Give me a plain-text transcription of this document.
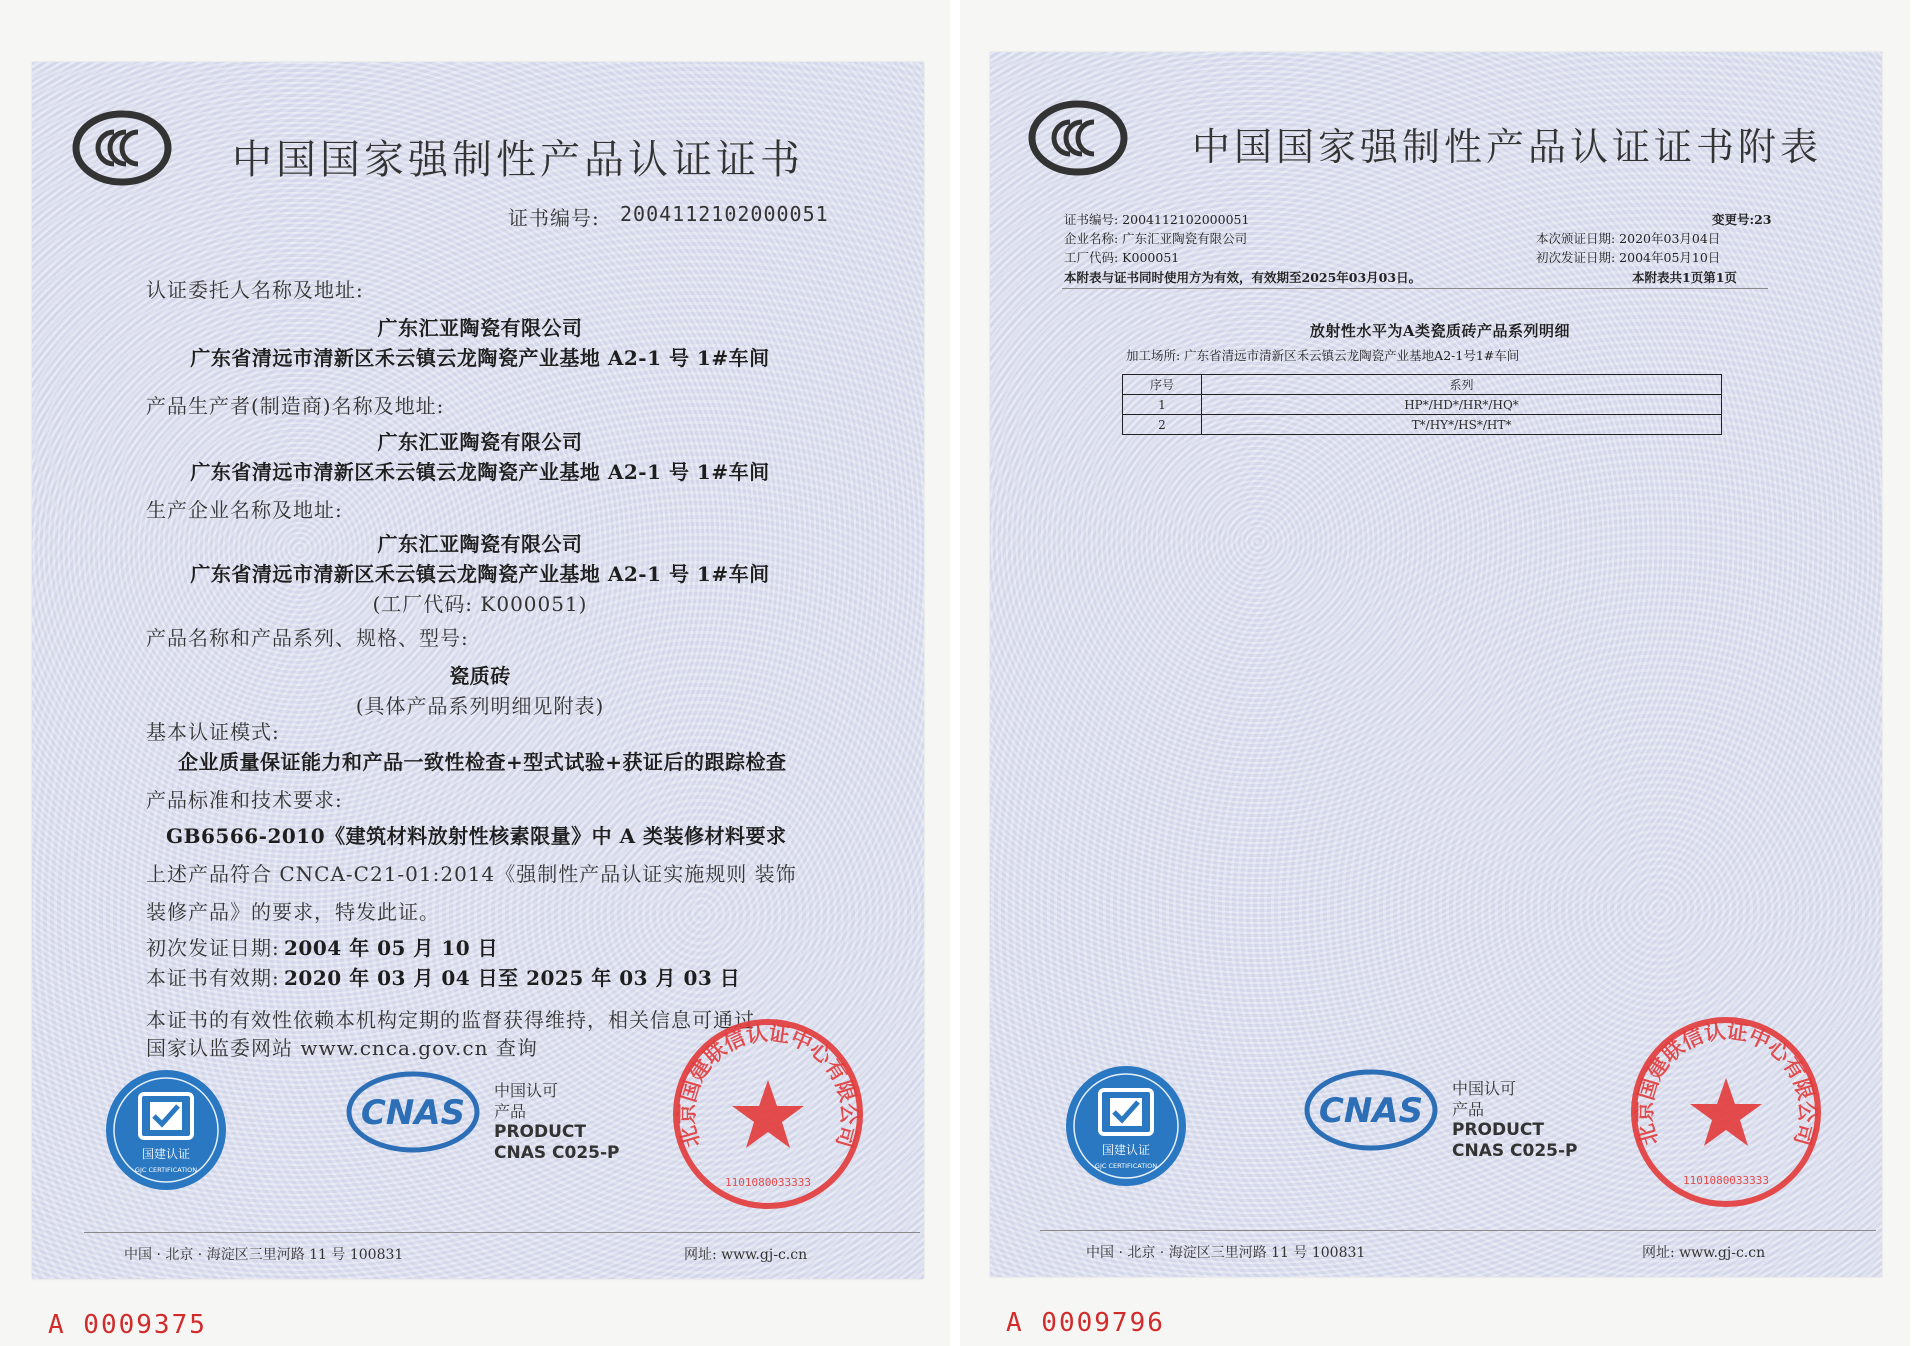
中国国家强制性产品认证证书
证书编号: 2004112102000051
认证委托人名称及地址:
广东汇亚陶瓷有限公司
广东省清远市清新区禾云镇云龙陶瓷产业基地 A2-1 号 1#车间
产品生产者(制造商)名称及地址:
广东汇亚陶瓷有限公司
广东省清远市清新区禾云镇云龙陶瓷产业基地 A2-1 号 1#车间
生产企业名称及地址:
广东汇亚陶瓷有限公司
广东省清远市清新区禾云镇云龙陶瓷产业基地 A2-1 号 1#车间
(工厂代码: K000051)
产品名称和产品系列、规格、型号:
瓷质砖
(具体产品系列明细见附表)
基本认证模式:
企业质量保证能力和产品一致性检查+型式试验+获证后的跟踪检查
产品标准和技术要求:
GB6566-2010《建筑材料放射性核素限量》中 A 类装修材料要求
上述产品符合 CNCA-C21-01:2014《强制性产品认证实施规则 装饰
装修产品》的要求，特发此证。
初次发证日期: 2004 年 05 月 10 日
本证书有效期: 2020 年 03 月 04 日至 2025 年 03 月 03 日
本证书的有效性依赖本机构定期的监督获得维持，相关信息可通过
国家认监委网站 www.cnca.gov.cn 查询
国建认证
GJC CERTIFICATION
CNAS
中国认可
产品
PRODUCT
CNAS C025-P
北京国建联信认证中心有限公司
1101080033333
中国 · 北京 · 海淀区三里河路 11 号 100831	网址: www.gj-c.cn
A 0009375
中国国家强制性产品认证证书附表
证书编号: 2004112102000051
企业名称: 广东汇亚陶瓷有限公司
工厂代码: K000051
本附表与证书同时使用方为有效，有效期至2025年03月03日。
变更号:23
本次颁证日期: 2020年03月04日
初次发证日期: 2004年05月10日
本附表共1页第1页
放射性水平为A类瓷质砖产品系列明细
加工场所: 广东省清远市清新区禾云镇云龙陶瓷产业基地A2-1号1#车间
序号	系列
1	HP*/HD*/HR*/HQ*
2	T*/HY*/HS*/HT*
国建认证
GJC CERTIFICATION
CNAS
中国认可
产品
PRODUCT
CNAS C025-P
北京国建联信认证中心有限公司
1101080033333
中国 · 北京 · 海淀区三里河路 11 号 100831	网址: www.gj-c.cn
A 0009796
